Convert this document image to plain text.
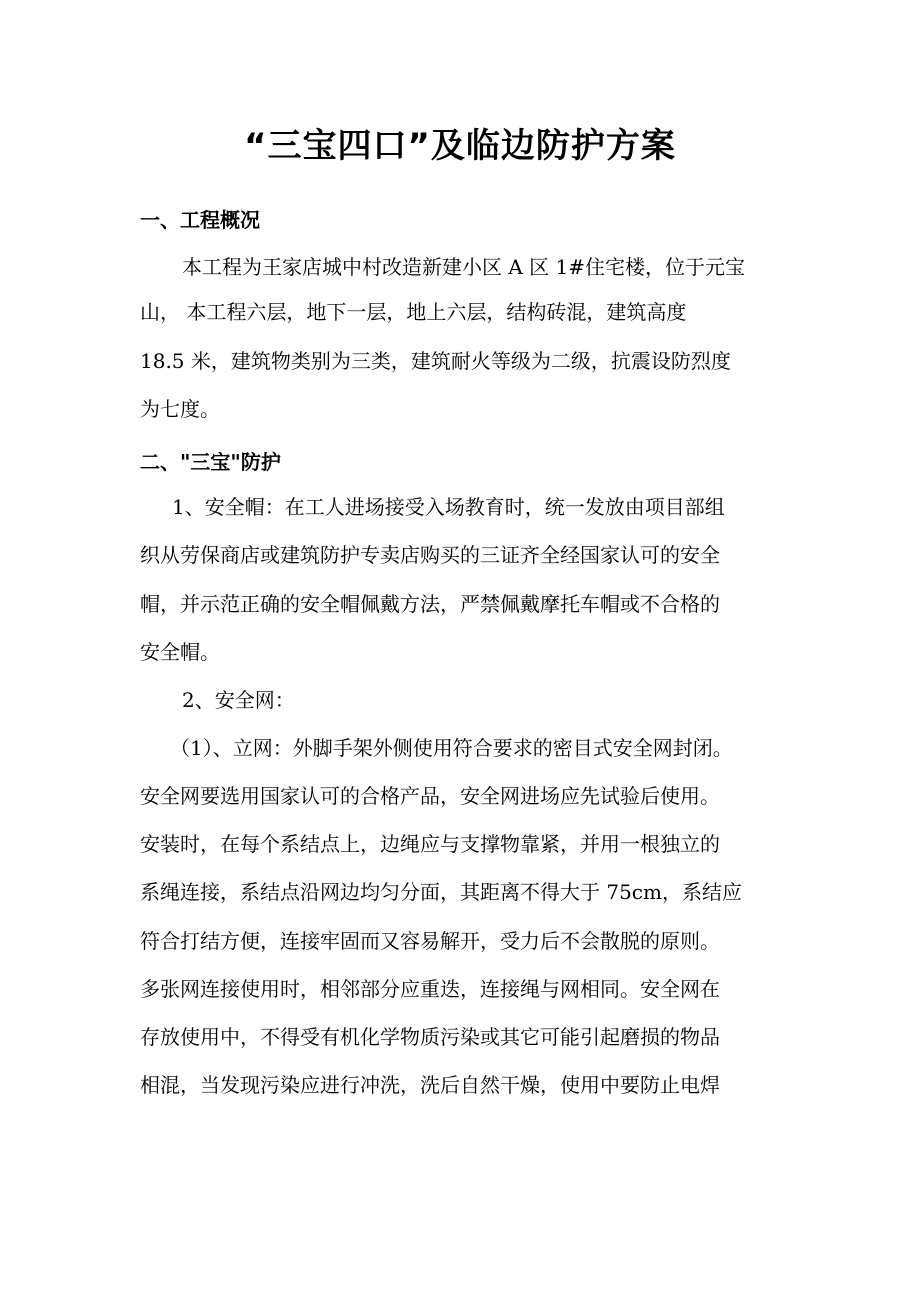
“三宝四口”及临边防护方案
一、工程概况
本工程为王家店城中村改造新建小区 A 区 1#住宅楼，位于元宝
山， 本工程六层，地下一层，地上六层，结构砖混，建筑高度
18.5 米，建筑物类别为三类，建筑耐火等级为二级，抗震设防烈度
为七度。
二、"三宝"防护
1、安全帽：在工人进场接受入场教育时，统一发放由项目部组
织从劳保商店或建筑防护专卖店购买的三证齐全经国家认可的安全
帽，并示范正确的安全帽佩戴方法，严禁佩戴摩托车帽或不合格的
安全帽。
2、安全网：
（1）、立网：外脚手架外侧使用符合要求的密目式安全网封闭。
安全网要选用国家认可的合格产品，安全网进场应先试验后使用。
安装时，在每个系结点上，边绳应与支撑物靠紧，并用一根独立的
系绳连接，系结点沿网边均匀分面，其距离不得大于 75cm，系结应
符合打结方便，连接牢固而又容易解开，受力后不会散脱的原则。
多张网连接使用时，相邻部分应重迭，连接绳与网相同。安全网在
存放使用中，不得受有机化学物质污染或其它可能引起磨损的物品
相混，当发现污染应进行冲洗，洗后自然干燥，使用中要防止电焊
